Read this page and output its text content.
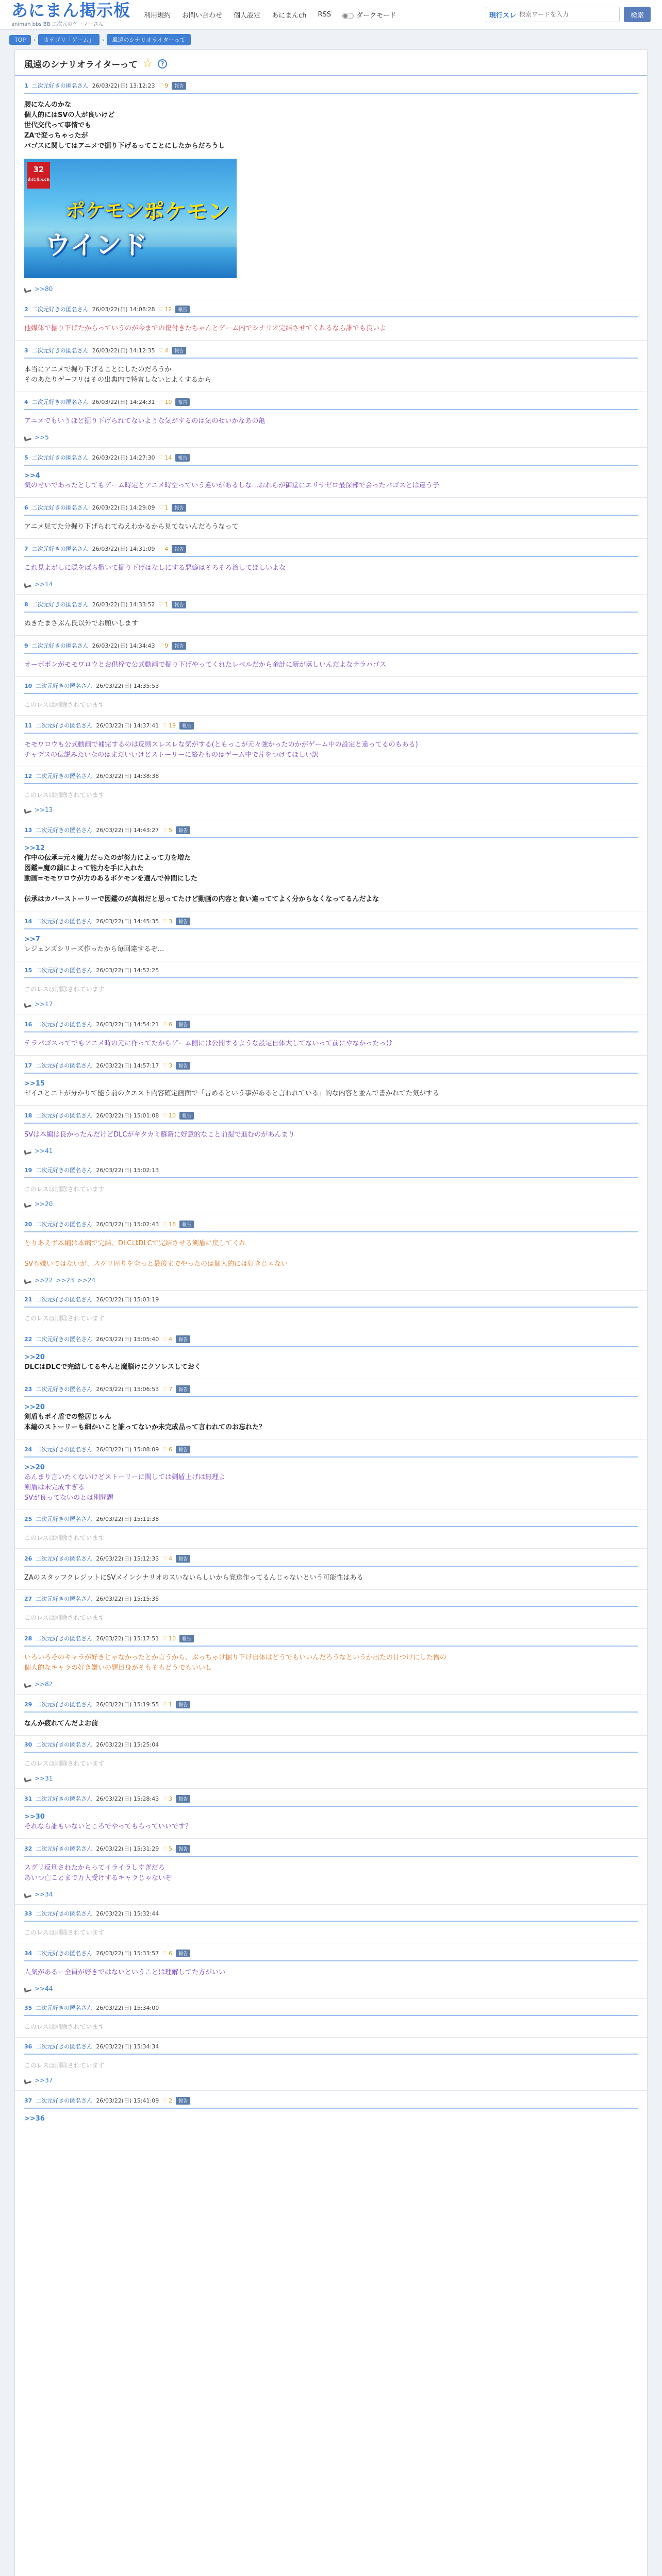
あにまん掲示板
animan bbs BB 二次元のゲーマーさん
利用規約 お問い合わせ 個人設定 あにまんch RSS	ダークモード	現行スレ
検索ワードを入力	検索
TOP	›	カテゴリ「ゲーム」	›	風遠のシナリオライターって
風遠のシナリオライターって ☆	?
1 二次元好きの匿名さん 26/03/22(日) 13:12:23	♡ 9	報告
腰になんのかな
個人的にはSVの人が良いけど
世代交代って事情でも
ZAで変っちゃったが
パゴスに関してはアニメで掘り下げるってことにしたからだろうし
32
あにまんch
ポケモンピ
ポケモン
ウインド
>>80
2 二次元好きの匿名さん 26/03/22(日) 14:08:28	♡ 12	報告
他媒体で掘り下げたからっていうのが今までの傷付きたちゃんとゲーム内でシナリオ完結させてくれるなら誰でも良いよ
3 二次元好きの匿名さん 26/03/22(日) 14:12:35	♡ 4	報告
本当にアニメで掘り下げることにしたのだろうか
そのあたりゲーフリはその出典内で特言しないとよくするから
4 二次元好きの匿名さん 26/03/22(日) 14:24:31	♡ 10	報告
アニメでもいうほど掘り下げられてないような気がするのは気のせいかなあの亀
>>5
5 二次元好きの匿名さん 26/03/22(日) 14:27:30	♡ 14	報告
>>4
気のせいであったとしてもゲーム時定とアニメ時空っていう違いがあるしな…おれらが御堂にエリサゼロ最深部で会ったパゴスとは違う子
6 二次元好きの匿名さん 26/03/22(日) 14:29:09	♡ 1	報告
アニメ見てた分掘り下げられてねえわかるから見てないんだろうなって
7 二次元好きの匿名さん 26/03/22(日) 14:31:09	♡ 4	報告
これ見よがしに隠をばら撒いて掘り下げはなしにする悪癖はそろそろ治してほしいよな
>>14
8 二次元好きの匿名さん 26/03/22(日) 14:33:52	♡ 1	報告
ぬきたまさぶん氏以外でお願いします
9 二次元好きの匿名さん 26/03/22(日) 14:34:43	♡ 9	報告
オーボボンがモモワロウとお供枠で公式動画で掘り下げやってくれたレベルだから余計に新が落しいんだよなテラパゴス
10 二次元好きの匿名さん 26/03/22(日) 14:35:53
このレスは削除されています
11 二次元好きの匿名さん 26/03/22(日) 14:37:41	♡ 19	報告
モモワロウも公式動画で補完するのは反則スレスレな気がする(ともっこが元々強かったのかがゲーム中の設定と違ってるのもある)
チャデスの伝説みたいなのはまだいいけどストーリーに絡むものはゲーム中で片をつけてほしい訳
12 二次元好きの匿名さん 26/03/22(日) 14:38:38
このレスは削除されています
>>13
13 二次元好きの匿名さん 26/03/22(日) 14:43:27	♡ 5	報告
>>12
作中の伝承=元々魔力だったのが努力によって力を増た
図鑑=魔の鎖によって能力を手に入れた
動画=モモワロウが力のあるポケモンを選んで仲間にした
伝承はカバーストーリーで図鑑のが真相だと思ってたけど動画の内容と食い違っててよく分からなくなってるんだよな
14 二次元好きの匿名さん 26/03/22(日) 14:45:35	♡ 3	報告
>>7
レジェンズシリーズ作ったから毎回違するぞ…
15 二次元好きの匿名さん 26/03/22(日) 14:52:25
このレスは削除されています
>>17
16 二次元好きの匿名さん 26/03/22(日) 14:54:21	♡ 6	報告
テラパゴスってでもアニメ時の元に作ってたからゲーム側には公開するような設定自体大してないって前にやなかったっけ
17 二次元好きの匿名さん 26/03/22(日) 14:57:17	♡ 3	報告
>>15
ゼイユとニトが分かりて能う前のクエスト内容確定画面で「昔めるという事があると言われている」的な内容と並んで書かれてた気がする
18 二次元好きの匿名さん 26/03/22(日) 15:01:08	♡ 10	報告
SVは本編は良かったんだけどDLCがキタカミ蘇新に好意的なこと前提で進むのがあんまり
>>41
19 二次元好きの匿名さん 26/03/22(日) 15:02:13
このレスは削除されています
>>20
20 二次元好きの匿名さん 26/03/22(日) 15:02:43	♡ 18	報告
とりあえず本編は本編で完結、DLCはDLCで完結させる剣盾に戻してくれ
SVも嫌いではないが、スグリ周りを全っと最後までやったのは個人的には好きじゃない
>>22 >>23 >>24
21 二次元好きの匿名さん 26/03/22(日) 15:03:19
このレスは削除されています
22 二次元好きの匿名さん 26/03/22(日) 15:05:40	♡ 4	報告
>>20
DLCはDLCで完結してるやんと魔脳けにクソレスしておく
23 二次元好きの匿名さん 26/03/22(日) 15:06:53	♡ 7	報告
>>20
剣盾もボイ盾での整居じゃん
本編のストーリーも細かいこと誰ってないか未完成品って言われてのお忘れた？
24 二次元好きの匿名さん 26/03/22(日) 15:08:09	♡ 6	報告
>>20
あんまり言いたくないけどストーリーに関しては剣盾上げは無理よ
剣盾は未完成すぎる
SVが良ってないのとは別問題
25 二次元好きの匿名さん 26/03/22(日) 15:11:38
このレスは削除されています
26 二次元好きの匿名さん 26/03/22(日) 15:12:33	♡ 4	報告
ZAのスタッフクレジットにSVメインシナリオのスいないらしいから覚送作ってるんじゃないという可能性はある
27 二次元好きの匿名さん 26/03/22(日) 15:15:35
このレスは削除されています
28 二次元好きの匿名さん 26/03/22(日) 15:17:51	♡ 10	報告
いろいろそのキャラが好きじゃなかったとか言うから、ぶっちゃけ掘り下げ自体はどうでもいいんだろうなというか出たの甘つけにした僧の
個人的なキャラの好き嫌いの題目身がそもそもどうでもいいし
>>82
29 二次元好きの匿名さん 26/03/22(日) 15:19:55	♡ 1	報告
なんか疲れてんだよお前
30 二次元好きの匿名さん 26/03/22(日) 15:25:04
このレスは削除されています
>>31
31 二次元好きの匿名さん 26/03/22(日) 15:28:43	♡ 3	報告
>>30
それなら誰もいないところでやってもらっていいです？
32 二次元好きの匿名さん 26/03/22(日) 15:31:29	♡ 5	報告
スグリ反刑されたからってイライラしすぎだろ
あいつ亡ことまで万人受けするキャラじゃないぞ
>>34
33 二次元好きの匿名さん 26/03/22(日) 15:32:44
このレスは削除されています
34 二次元好きの匿名さん 26/03/22(日) 15:33:57	♡ 6	報告
人気があるー全員が好きではないということは理解してた方がいい
>>44
35 二次元好きの匿名さん 26/03/22(日) 15:34:00
このレスは削除されています
36 二次元好きの匿名さん 26/03/22(日) 15:34:34
このレスは削除されています
>>37
37 二次元好きの匿名さん 26/03/22(日) 15:41:09	♡ 2	報告
>>36
